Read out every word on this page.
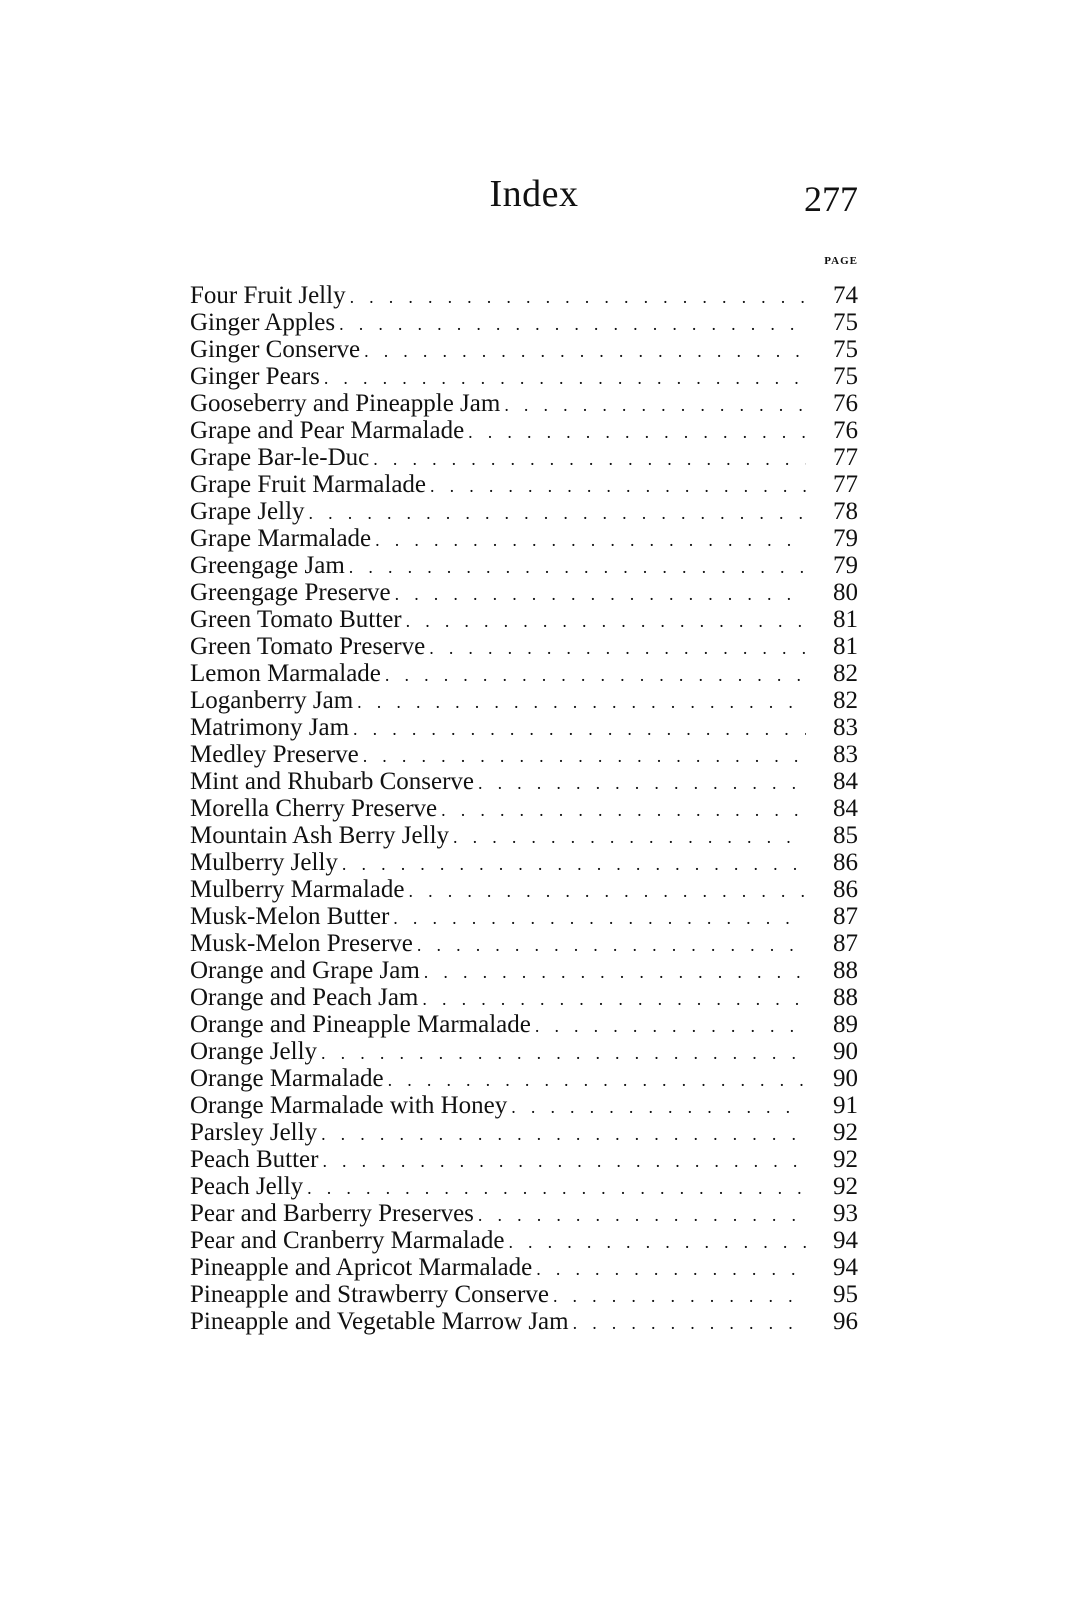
Index	277
PAGE
Four Fruit Jelly . . .	74
Ginger Apples . . .	75
Ginger Conserve . . .	75
Ginger Pears . . .	75
Gooseberry and Pineapple Jam . . .	76
Grape and Pear Marmalade . . .	76
Grape Bar-le-Duc . . .	77
Grape Fruit Marmalade . . .	77
Grape Jelly . . .	78
Grape Marmalade . . .	79
Greengage Jam . . .	79
Greengage Preserve . . .	80
Green Tomato Butter . . .	81
Green Tomato Preserve . . .	81
Lemon Marmalade . . .	82
Loganberry Jam . . .	82
Matrimony Jam . . .	83
Medley Preserve . . .	83
Mint and Rhubarb Conserve . . .	84
Morella Cherry Preserve . . .	84
Mountain Ash Berry Jelly . . .	85
Mulberry Jelly . . .	86
Mulberry Marmalade . . .	86
Musk-Melon Butter . . .	87
Musk-Melon Preserve . . .	87
Orange and Grape Jam . . .	88
Orange and Peach Jam . . .	88
Orange and Pineapple Marmalade . . .	89
Orange Jelly . . .	90
Orange Marmalade . . .	90
Orange Marmalade with Honey . . .	91
Parsley Jelly . . .	92
Peach Butter . . .	92
Peach Jelly . . .	92
Pear and Barberry Preserves . . .	93
Pear and Cranberry Marmalade . . .	94
Pineapple and Apricot Marmalade . . .	94
Pineapple and Strawberry Conserve . . .	95
Pineapple and Vegetable Marrow Jam . . .	96
